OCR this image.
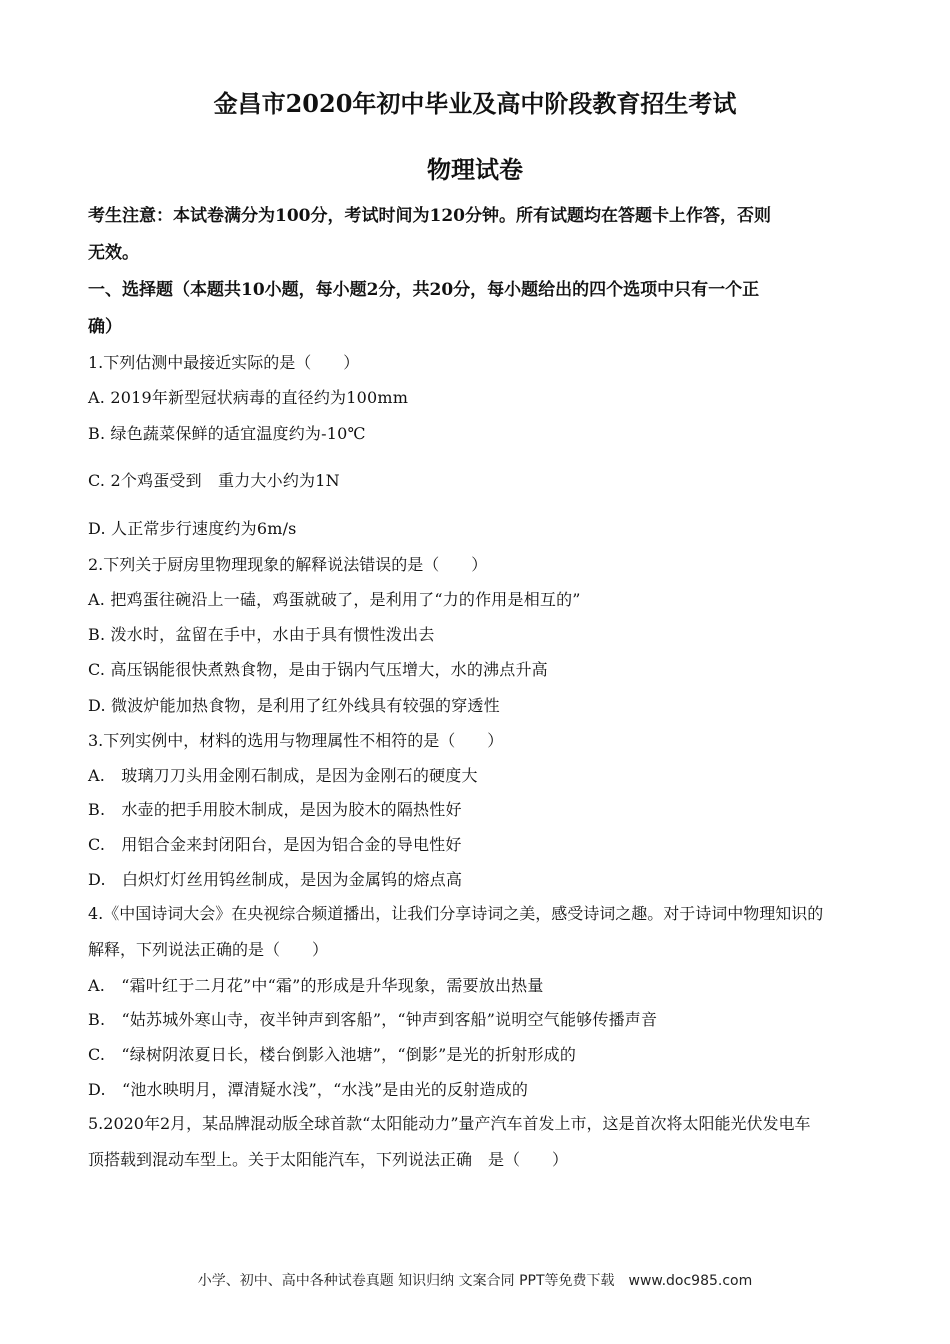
金昌市2020年初中毕业及高中阶段教育招生考试
物理试卷
考生注意：本试卷满分为100分，考试时间为120分钟。所有试题均在答题卡上作答，否则
无效。
一、选择题（本题共10小题，每小题2分，共20分，每小题给出的四个选项中只有一个正
确）
1.下列估测中最接近实际的是（　　）
A. 2019年新型冠状病毒的直径约为100mm
B. 绿色蔬菜保鲜的适宜温度约为-10℃
C. 2个鸡蛋受到　重力大小约为1N
D. 人正常步行速度约为6m/s
2.下列关于厨房里物理现象的解释说法错误的是（　　）
A. 把鸡蛋往碗沿上一磕，鸡蛋就破了，是利用了“力的作用是相互的”
B. 泼水时，盆留在手中，水由于具有惯性泼出去
C. 高压锅能很快煮熟食物，是由于锅内气压增大，水的沸点升高
D. 微波炉能加热食物，是利用了红外线具有较强的穿透性
3.下列实例中，材料的选用与物理属性不相符的是（　　）
A.　玻璃刀刀头用金刚石制成，是因为金刚石的硬度大
B.　水壶的把手用胶木制成，是因为胶木的隔热性好
C.　用铝合金来封闭阳台，是因为铝合金的导电性好
D.　白炽灯灯丝用钨丝制成，是因为金属钨的熔点高
4.《中国诗词大会》在央视综合频道播出，让我们分享诗词之美，感受诗词之趣。对于诗词中物理知识的
解释，下列说法正确的是（　　）
A.　“霜叶红于二月花”中“霜”的形成是升华现象，需要放出热量
B.　“姑苏城外寒山寺，夜半钟声到客船”，“钟声到客船”说明空气能够传播声音
C.　“绿树阴浓夏日长，楼台倒影入池塘”，“倒影”是光的折射形成的
D.　“池水映明月，潭清疑水浅”，“水浅”是由光的反射造成的
5.2020年2月，某品牌混动版全球首款“太阳能动力”量产汽车首发上市，这是首次将太阳能光伏发电车
顶搭载到混动车型上。关于太阳能汽车，下列说法正确　是（　　）
小学、初中、高中各种试卷真题 知识归纳 文案合同 PPT等免费下载　www.doc985.com
